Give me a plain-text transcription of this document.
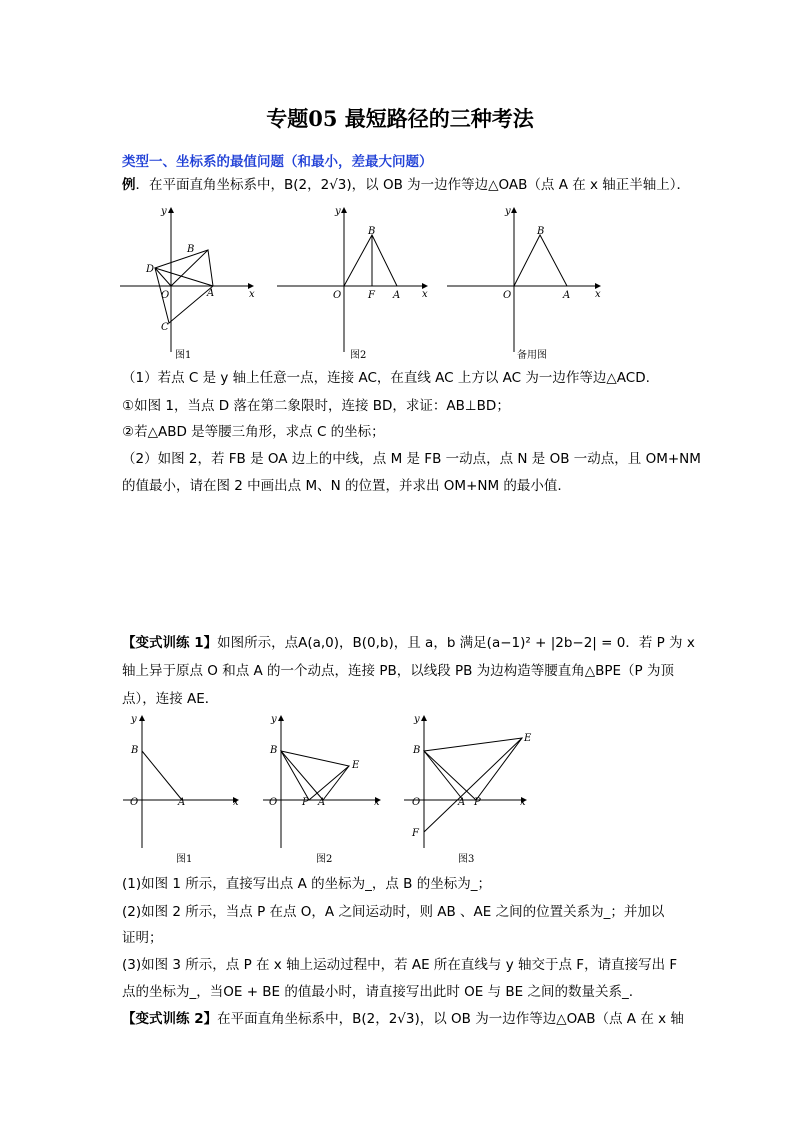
专题05 最短路径的三种考法
类型一、坐标系的最值问题（和最小，差最大问题）
例．在平面直角坐标系中，B(2，2√3)，以 OB 为一边作等边△OAB（点 A 在 x 轴正半轴上）．
y
x
O	A
B
C
D
图1
y
x
O	F A
B
图2
y
x
O	A
B
备用图
（1）若点 C 是 y 轴上任意一点，连接 AC，在直线 AC 上方以 AC 为一边作等边△ACD.
①如图 1，当点 D 落在第二象限时，连接 BD，求证：AB⊥BD；
②若△ABD 是等腰三角形，求点 C 的坐标；
（2）如图 2，若 FB 是 OA 边上的中线，点 M 是 FB 一动点，点 N 是 OB 一动点，且 OM+NM
的值最小，请在图 2 中画出点 M、N 的位置，并求出 OM+NM 的最小值.
【变式训练 1】如图所示，点A(a,0)，B(0,b)，且 a，b 满足(a−1)² + |2b−2| = 0．若 P 为 x
轴上异于原点 O 和点 A 的一个动点，连接 PB，以线段 PB 为边构造等腰直角△BPE（P 为顶
点），连接 AE．
y
x
O
B
A
图1
y
x
O
B
P A
E
图2
y
x
O
B
A P
E
F
图3
(1)如图 1 所示，直接写出点 A 的坐标为_，点 B 的坐标为_；
(2)如图 2 所示，当点 P 在点 O，A 之间运动时，则 AB 、AE 之间的位置关系为_；并加以
证明；
(3)如图 3 所示，点 P 在 x 轴上运动过程中，若 AE 所在直线与 y 轴交于点 F，请直接写出 F
点的坐标为_，当OE + BE 的值最小时，请直接写出此时 OE 与 BE 之间的数量关系_.
【变式训练 2】在平面直角坐标系中，B(2，2√3)，以 OB 为一边作等边△OAB（点 A 在 x 轴
